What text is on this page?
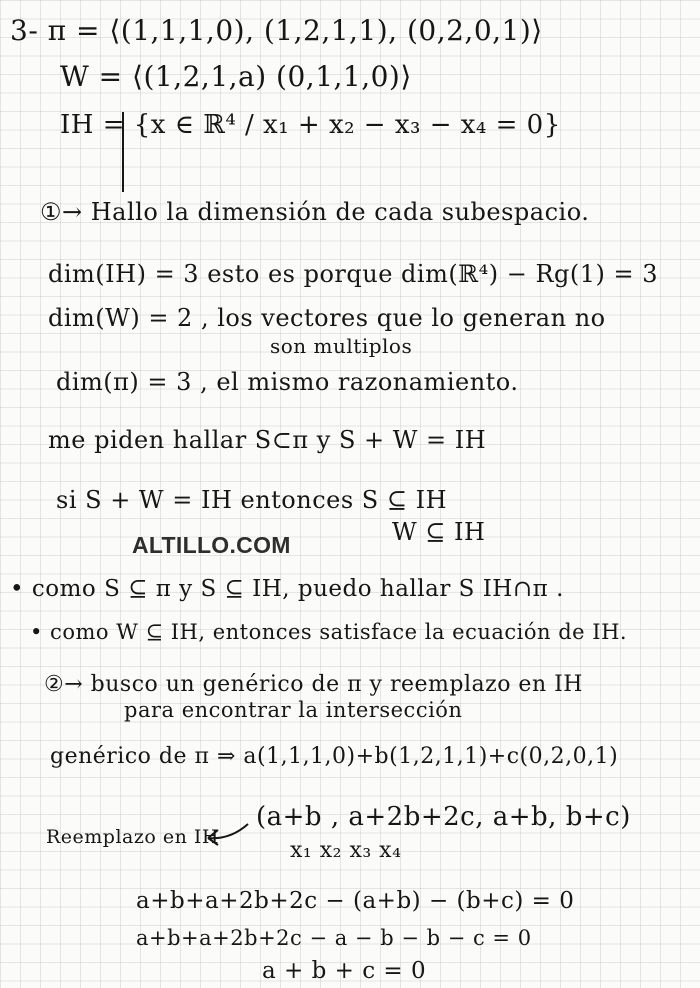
3- π = ⟨(1,1,1,0), (1,2,1,1), (0,2,0,1)⟩
W = ⟨(1,2,1,a) (0,1,1,0)⟩
IH = {x ∈ ℝ⁴ / x₁ + x₂ − x₃ − x₄ = 0}
①→ Hallo la dimensión de cada subespacio.
dim(IH) = 3 esto es porque dim(ℝ⁴) − Rg(1) = 3
dim(W) = 2 , los vectores que lo generan no
son multiplos
dim(π) = 3 , el mismo razonamiento.
me piden hallar S⊂π y S + W = IH
si S + W = IH entonces S ⊆ IH
W ⊆ IH
ALTILLO.COM
• como S ⊆ π y S ⊆ IH, puedo hallar S IH∩π .
• como W ⊆ IH, entonces satisface la ecuación de IH.
②→ busco un genérico de π y reemplazo en IH
para encontrar la intersección
genérico de π ⇒ a(1,1,1,0)+b(1,2,1,1)+c(0,2,0,1)
Reemplazo en IH
(a+b , a+2b+2c, a+b, b+c)
x₁ x₂ x₃ x₄
a+b+a+2b+2c − (a+b) − (b+c) = 0
a+b+a+2b+2c − a − b − b − c = 0
a + b + c = 0
